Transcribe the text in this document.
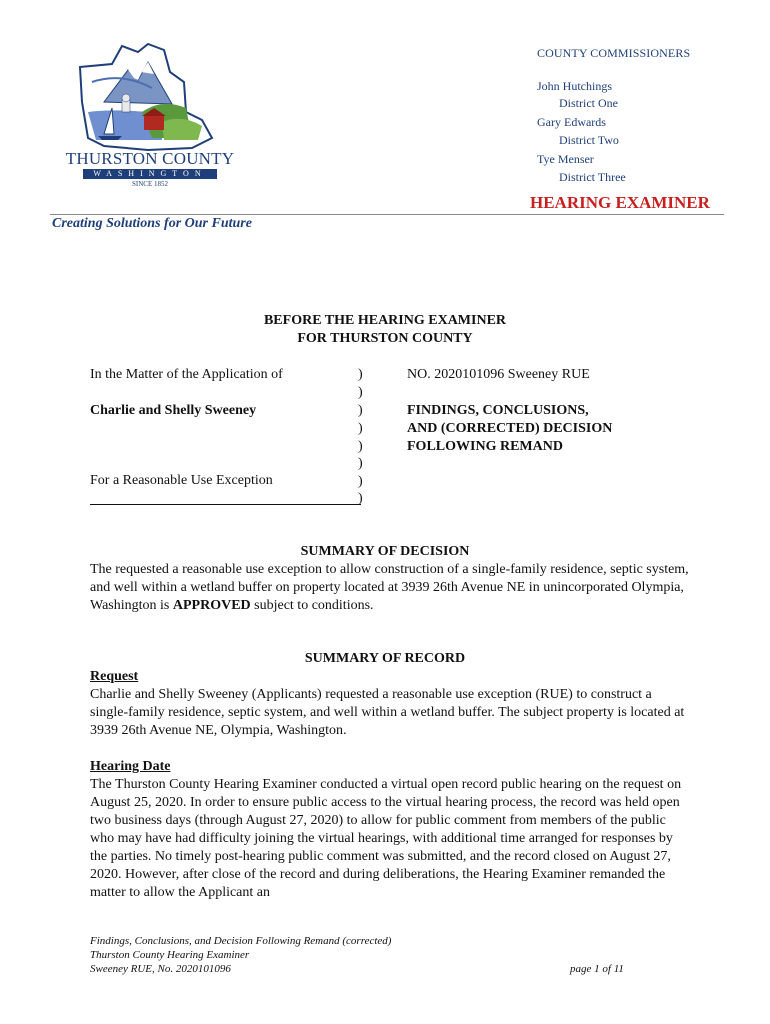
THURSTON COUNTY
WASHINGTON
SINCE 1852
COUNTY COMMISSIONERS
John Hutchings
District One
Gary Edwards
District Two
Tye Menser
District Three
HEARING EXAMINER
Creating Solutions for Our Future
BEFORE THE HEARING EXAMINER
FOR THURSTON COUNTY
In the Matter of the Application of
Charlie and Shelly Sweeney
For a Reasonable Use Exception
)
)
)
)
)
)
)
)
NO. 2020101096 Sweeney RUE
FINDINGS, CONCLUSIONS,
AND (CORRECTED) DECISION
FOLLOWING REMAND
SUMMARY OF DECISION
The requested a reasonable use exception to allow construction of a single-family residence, septic system, and well within a wetland buffer on property located at 3939 26th Avenue NE in unincorporated Olympia, Washington is APPROVED subject to conditions.
SUMMARY OF RECORD
Request
Charlie and Shelly Sweeney (Applicants) requested a reasonable use exception (RUE) to construct a single-family residence, septic system, and well within a wetland buffer. The subject property is located at 3939 26th Avenue NE, Olympia, Washington.
Hearing Date
The Thurston County Hearing Examiner conducted a virtual open record public hearing on the request on August 25, 2020. In order to ensure public access to the virtual hearing process, the record was held open two business days (through August 27, 2020) to allow for public comment from members of the public who may have had difficulty joining the virtual hearings, with additional time arranged for responses by the parties. No timely post-hearing public comment was submitted, and the record closed on August 27, 2020. However, after close of the record and during deliberations, the Hearing Examiner remanded the matter to allow the Applicant an
Findings, Conclusions, and Decision Following Remand (corrected)
Thurston County Hearing Examiner
Sweeney RUE, No. 2020101096	page 1 of 11
